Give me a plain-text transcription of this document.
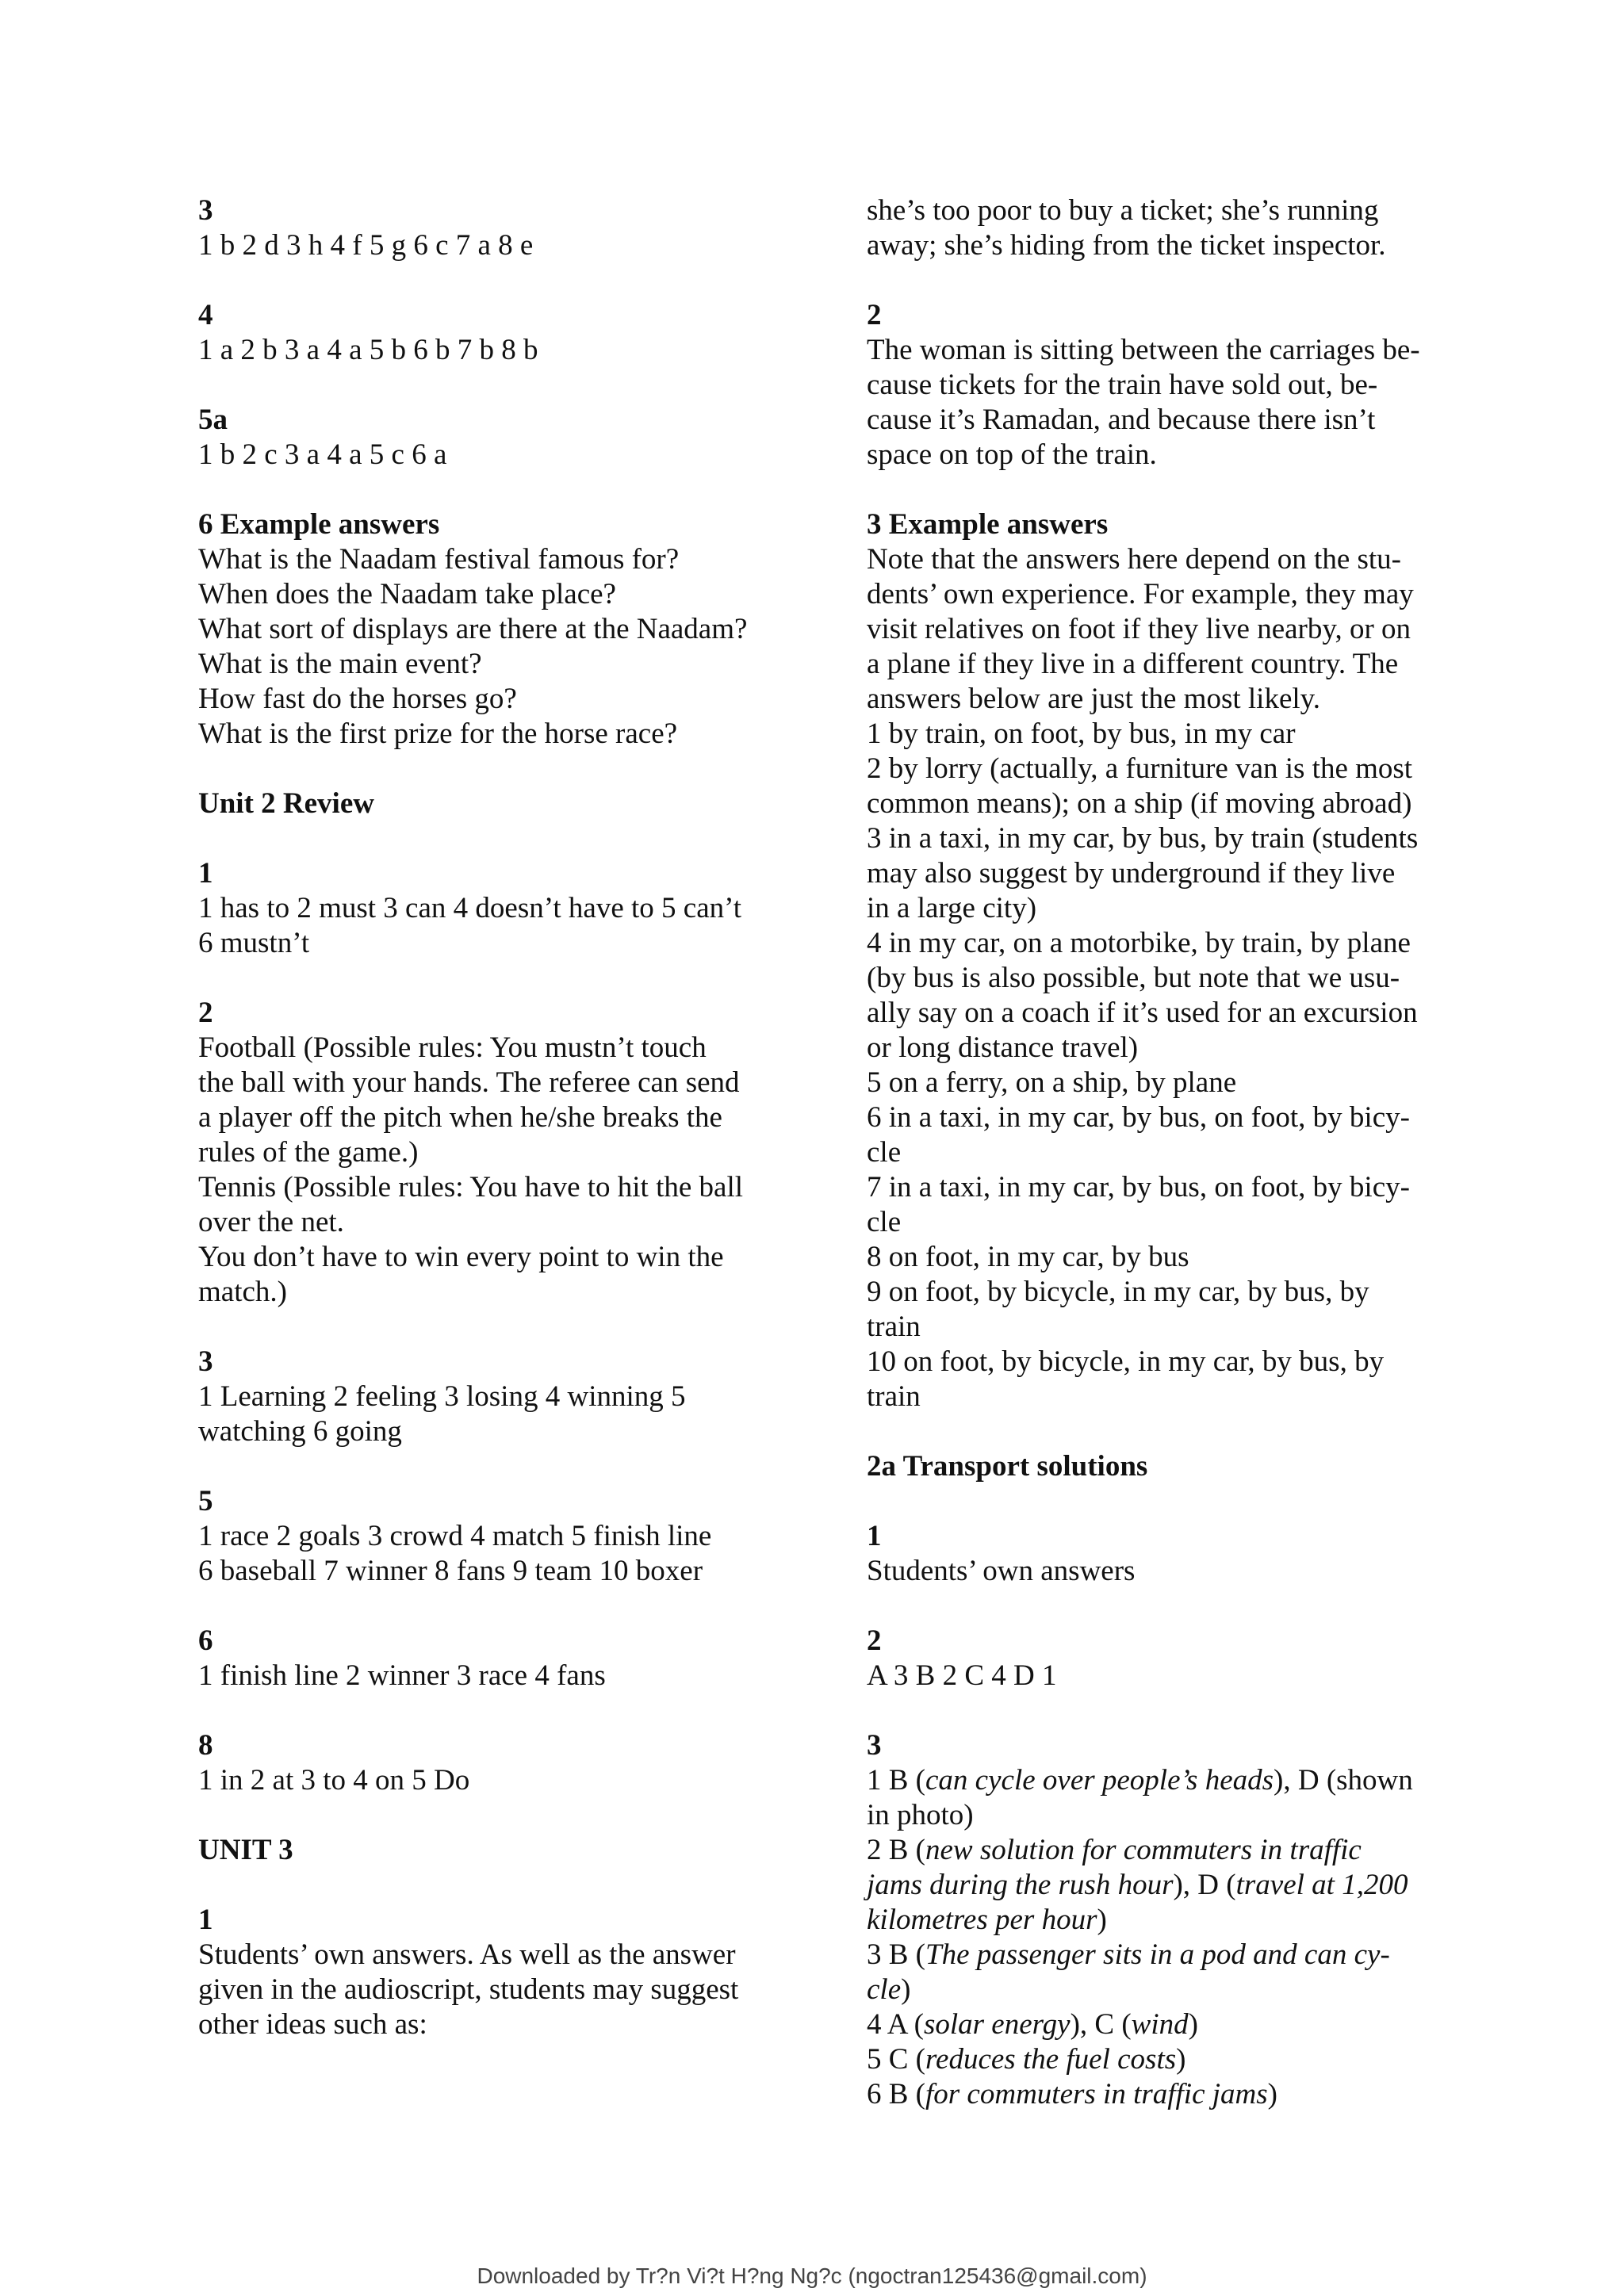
3
1 b 2 d 3 h 4 f 5 g 6 c 7 a 8 e
4
1 a 2 b 3 a 4 a 5 b 6 b 7 b 8 b
5a
1 b 2 c 3 a 4 a 5 c 6 a
6 Example answers
What is the Naadam festival famous for?
When does the Naadam take place?
What sort of displays are there at the Naadam?
What is the main event?
How fast do the horses go?
What is the first prize for the horse race?
Unit 2 Review
1
1 has to 2 must 3 can 4 doesn’t have to 5 can’t
6 mustn’t
2
Football (Possible rules: You mustn’t touch
the ball with your hands. The referee can send
a player off the pitch when he/she breaks the
rules of the game.)
Tennis (Possible rules: You have to hit the ball
over the net.
You don’t have to win every point to win the
match.)
3
1 Learning 2 feeling 3 losing 4 winning 5
watching 6 going
5
1 race 2 goals 3 crowd 4 match 5 finish line
6 baseball 7 winner 8 fans 9 team 10 boxer
6
1 finish line 2 winner 3 race 4 fans
8
1 in 2 at 3 to 4 on 5 Do
UNIT 3
1
Students’ own answers. As well as the answer
given in the audioscript, students may suggest
other ideas such as:
she’s too poor to buy a ticket; she’s running
away; she’s hiding from the ticket inspector.
2
The woman is sitting between the carriages be-
cause tickets for the train have sold out, be-
cause it’s Ramadan, and because there isn’t
space on top of the train.
3 Example answers
Note that the answers here depend on the stu-
dents’ own experience. For example, they may
visit relatives on foot if they live nearby, or on
a plane if they live in a different country. The
answers below are just the most likely.
1 by train, on foot, by bus, in my car
2 by lorry (actually, a furniture van is the most
common means); on a ship (if moving abroad)
3 in a taxi, in my car, by bus, by train (students
may also suggest by underground if they live
in a large city)
4 in my car, on a motorbike, by train, by plane
(by bus is also possible, but note that we usu-
ally say on a coach if it’s used for an excursion
or long distance travel)
5 on a ferry, on a ship, by plane
6 in a taxi, in my car, by bus, on foot, by bicy-
cle
7 in a taxi, in my car, by bus, on foot, by bicy-
cle
8 on foot, in my car, by bus
9 on foot, by bicycle, in my car, by bus, by
train
10 on foot, by bicycle, in my car, by bus, by
train
2a Transport solutions
1
Students’ own answers
2
A 3 B 2 C 4 D 1
3
1 B (can cycle over people’s heads), D (shown
in photo)
2 B (new solution for commuters in traffic
jams during the rush hour), D (travel at 1,200
kilometres per hour)
3 B (The passenger sits in a pod and can cy-
cle)
4 A (solar energy), C (wind)
5 C (reduces the fuel costs)
6 B (for commuters in traffic jams)
Downloaded by Tr?n Vi?t H?ng Ng?c (ngoctran125436@gmail.com)
